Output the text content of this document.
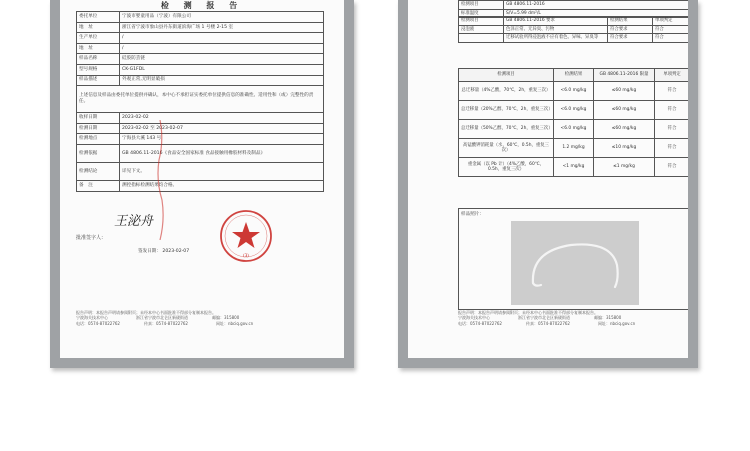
检 测 报 告
委托单位	宁波市婴童用品（宁波）有限公司
地　址	浙江省宁波市象山县丹东街道滨海广场 1 号楼 2-15 室
生产单位	/
地　址	/
样品名称	硅胶防丢链
型号规格	CK-G1FDL
样品描述	外观正常,无明显破损
上述信息及样品由委托单位提供并确认，本中心不承担证实委托单位提供信息的准确性、适用性和（或）完整性的责任。	
收样日期	2023-02-02
检测日期	2023-02-02 至 2023-02-07
检测地点	宁海县大溪 143 号
检测依据	GB 4806.11-2016《食品安全国家标准 食品接触用橡胶材料及制品》
检测结论	详见下文。
备　注	测控指标检测结果均合格。
王泌舟
批准签字人：
签发日期： 2023-02-07
(3)
报告声明：本报告声明请参阅附页；未经本中心书面批准不得部分复制本报告。
宁波海关技术中心　　　　　　　浙江省宁波市北仑区新碶街道　　　　　　邮编：315800
电话：0574-87022762　　　　　　传真：0574-87022762　　　　　　　网址：nbciq.gov.cn
检测项目	GB 4806.11-2016
标准温度	S/V=5.99 dm²/L
检测项目	GB 4806.11-2016 要求	检测结果	单项判定
浸泡液	色泽正常、无异臭、污物	符合要求	符合
	迁移试验所得浸泡液不应有着色、异味、异臭等	符合要求	符合
检测项目	检测结果	GB 4806.11-2016 限量	单项判定
总迁移量（4%乙酸，70℃，2h，重复三次）	<6.0 mg/kg	≤60 mg/kg	符合
总迁移量（20%乙醇，70℃，2h，重复三次）	<6.0 mg/kg	≤60 mg/kg	符合
总迁移量（50%乙醇，70℃，2h，重复三次）	<6.0 mg/kg	≤60 mg/kg	符合
高锰酸钾消耗量（水，60℃，0.5h，重复三次）	1.2 mg/kg	≤10 mg/kg	符合
重金属（以 Pb 计）（4%乙酸，60℃，0.5h，重复三次）	<1 mg/kg	≤1 mg/kg	符合
样品照片：
报告声明：本报告声明请参阅附页；未经本中心书面批准不得部分复制本报告。
宁波海关技术中心　　　　　　　浙江省宁波市北仑区新碶街道　　　　　　邮编：315800
电话：0574-87022762　　　　　　传真：0574-87022762　　　　　　　网址：nbciq.gov.cn
